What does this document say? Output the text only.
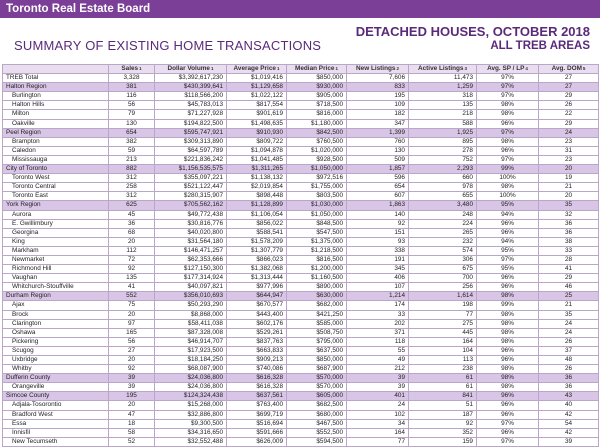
Toronto Real Estate Board
SUMMARY OF EXISTING HOME TRANSACTIONS
DETACHED HOUSES, OCTOBER 2018
ALL TREB AREAS
	Sales$^1$	Dollar Volume$^1$	Average Price$^1$	Median Price$^1$	New Listings$^2$	Active Listings$^3$	Avg. SP / $LP^4$	Avg. DOM$^5$
TREB Total	3,328	$3,392,617,230	$1,019,416	$850,000	7,606	11,473	97%	27
Halton Region	381	$430,399,641	$1,129,658	$930,000	833	1,259	97%	27
Burlington	116	$118,566,200	$1,022,122	$905,000	195	318	97%	29
Halton Hills	56	$45,783,013	$817,554	$718,500	109	135	98%	26
Milton	79	$71,227,928	$901,619	$816,000	182	218	98%	22
Oakville	130	$194,822,500	$1,498,635	$1,180,000	347	588	96%	29
Peel Region	654	$595,747,921	$910,930	$842,500	1,399	1,925	97%	24
Brampton	382	$309,313,890	$809,722	$760,500	760	895	98%	23
Caledon	59	$64,597,789	$1,094,878	$1,020,000	130	278	96%	31
Mississauga	213	$221,836,242	$1,041,485	$928,500	509	752	97%	23
City of Toronto	882	$1,156,535,575	$1,311,265	$1,050,000	1,857	2,293	99%	20
Toronto West	312	$355,097,221	$1,138,132	$972,516	596	660	100%	19
Toronto Central	258	$521,122,447	$2,019,854	$1,755,000	654	978	98%	21
Toronto East	312	$280,315,907	$898,448	$803,500	607	655	100%	20
York Region	625	$705,562,162	$1,128,899	$1,030,000	1,863	3,480	95%	35
Aurora	45	$49,772,438	$1,106,054	$1,050,000	140	248	94%	32
E. Gwillimbury	36	$30,816,776	$856,022	$848,500	92	224	96%	36
Georgina	68	$40,020,800	$588,541	$547,500	151	265	96%	36
King	20	$31,564,180	$1,578,209	$1,375,000	93	232	94%	38
Markham	112	$146,471,257	$1,307,779	$1,218,500	338	574	95%	33
Newmarket	72	$62,353,666	$866,023	$816,500	191	306	97%	28
Richmond Hill	92	$127,150,300	$1,382,068	$1,200,000	345	675	95%	41
Vaughan	135	$177,314,924	$1,313,444	$1,160,500	406	700	96%	29
Whitchurch-Stouffville	41	$40,097,821	$977,996	$890,000	107	256	96%	46
Durham Region	552	$356,010,693	$644,947	$630,000	1,214	1,614	98%	25
Ajax	75	$50,293,290	$670,577	$682,000	174	198	99%	21
Brock	20	$8,868,000	$443,400	$421,250	33	77	98%	35
Clarington	97	$58,411,038	$602,176	$585,000	202	275	98%	24
Oshawa	165	$87,328,008	$529,261	$508,750	371	445	98%	24
Pickering	56	$46,914,707	$837,763	$795,000	118	164	98%	26
Scugog	27	$17,923,500	$663,833	$637,500	55	104	96%	37
Uxbridge	20	$18,184,250	$909,213	$850,000	49	113	96%	48
Whitby	92	$68,087,900	$740,086	$687,900	212	238	98%	26
Dufferin County	39	$24,036,800	$616,328	$570,000	39	61	98%	36
Orangeville	39	$24,036,800	$616,328	$570,000	39	61	98%	36
Simcoe County	195	$124,324,438	$637,561	$605,000	401	841	96%	43
Adjala-Tosorontio	20	$15,268,000	$763,400	$682,500	24	51	96%	40
Bradford West	47	$32,886,800	$699,719	$680,000	102	187	96%	42
Essa	18	$9,300,500	$516,694	$467,500	34	92	97%	54
Innisfil	58	$34,316,650	$591,666	$552,500	164	352	96%	42
New Tecumseth	52	$32,552,488	$626,009	$594,500	77	159	97%	39
